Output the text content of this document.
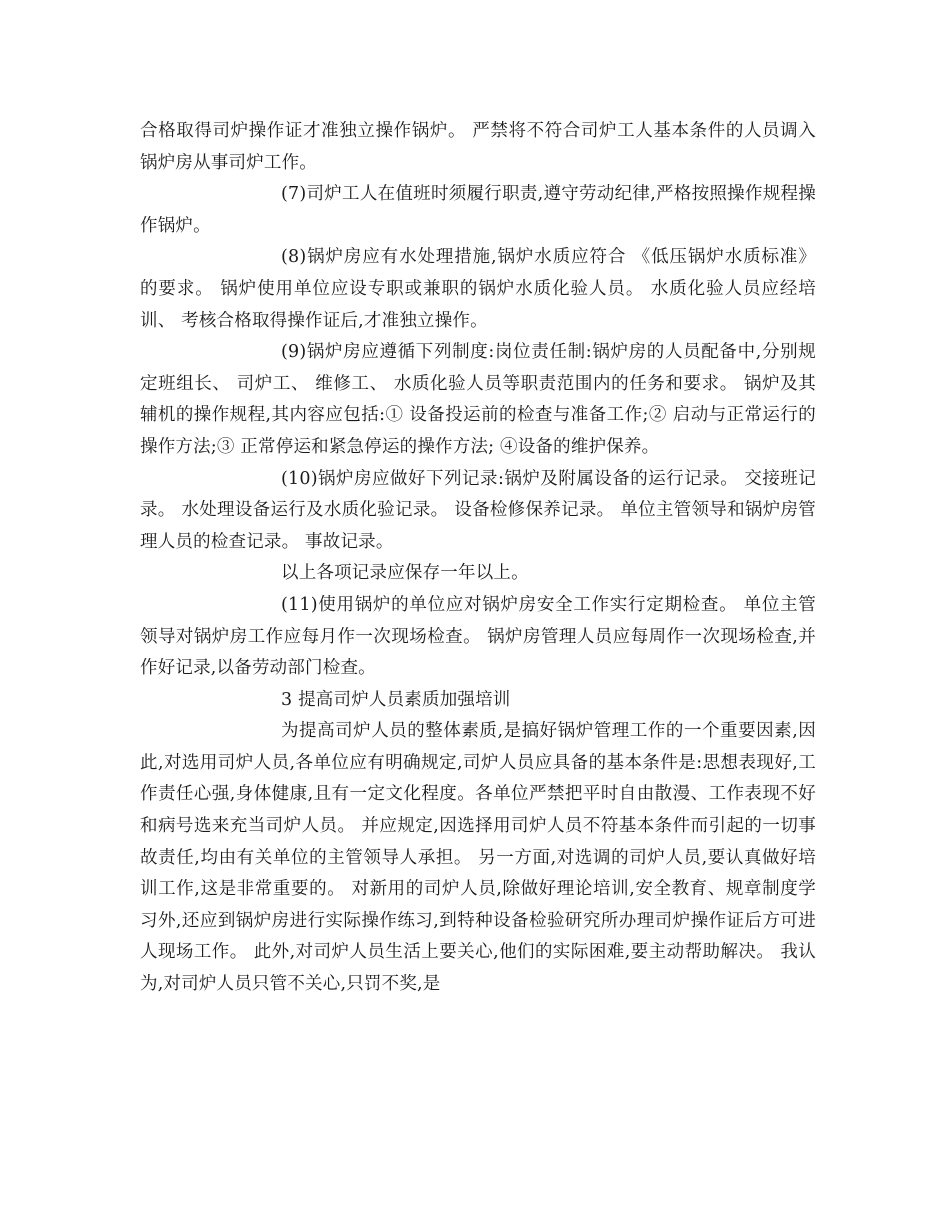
合格取得司炉操作证才准独立操作锅炉。 严禁将不符合司炉工人基本条件的人员调入锅炉房从事司炉工作。

(7)司炉工人在值班时须履行职责,遵守劳动纪律,严格按照操作规程操作锅炉。

(8)锅炉房应有水处理措施,锅炉水质应符合 《低压锅炉水质标准》 的要求。 锅炉使用单位应设专职或兼职的锅炉水质化验人员。 水质化验人员应经培训、 考核合格取得操作证后,才准独立操作。

(9)锅炉房应遵循下列制度:岗位责任制:锅炉房的人员配备中,分别规定班组长、 司炉工、 维修工、 水质化验人员等职责范围内的任务和要求。 锅炉及其辅机的操作规程,其内容应包括:① 设备投运前的检查与准备工作;② 启动与正常运行的操作方法;③ 正常停运和紧急停运的操作方法; ④设备的维护保养。

(10)锅炉房应做好下列记录:锅炉及附属设备的运行记录。 交接班记录。 水处理设备运行及水质化验记录。 设备检修保养记录。 单位主管领导和锅炉房管理人员的检查记录。 事故记录。

以上各项记录应保存一年以上。

(11)使用锅炉的单位应对锅炉房安全工作实行定期检查。 单位主管领导对锅炉房工作应每月作一次现场检查。 锅炉房管理人员应每周作一次现场检查,并作好记录,以备劳动部门检查。

3 提高司炉人员素质加强培训

为提高司炉人员的整体素质,是搞好锅炉管理工作的一个重要因素,因此,对选用司炉人员,各单位应有明确规定,司炉人员应具备的基本条件是:思想表现好,工作责任心强,身体健康,且有一定文化程度。各单位严禁把平时自由散漫、工作表现不好和病号选来充当司炉人员。 并应规定,因选择用司炉人员不符基本条件而引起的一切事故责任,均由有关单位的主管领导人承担。 另一方面,对选调的司炉人员,要认真做好培训工作,这是非常重要的。 对新用的司炉人员,除做好理论培训,安全教育、规章制度学习外,还应到锅炉房进行实际操作练习,到特种设备检验研究所办理司炉操作证后方可进人现场工作。 此外,对司炉人员生活上要关心,他们的实际困难,要主动帮助解决。 我认为,对司炉人员只管不关心,只罚不奖,是
